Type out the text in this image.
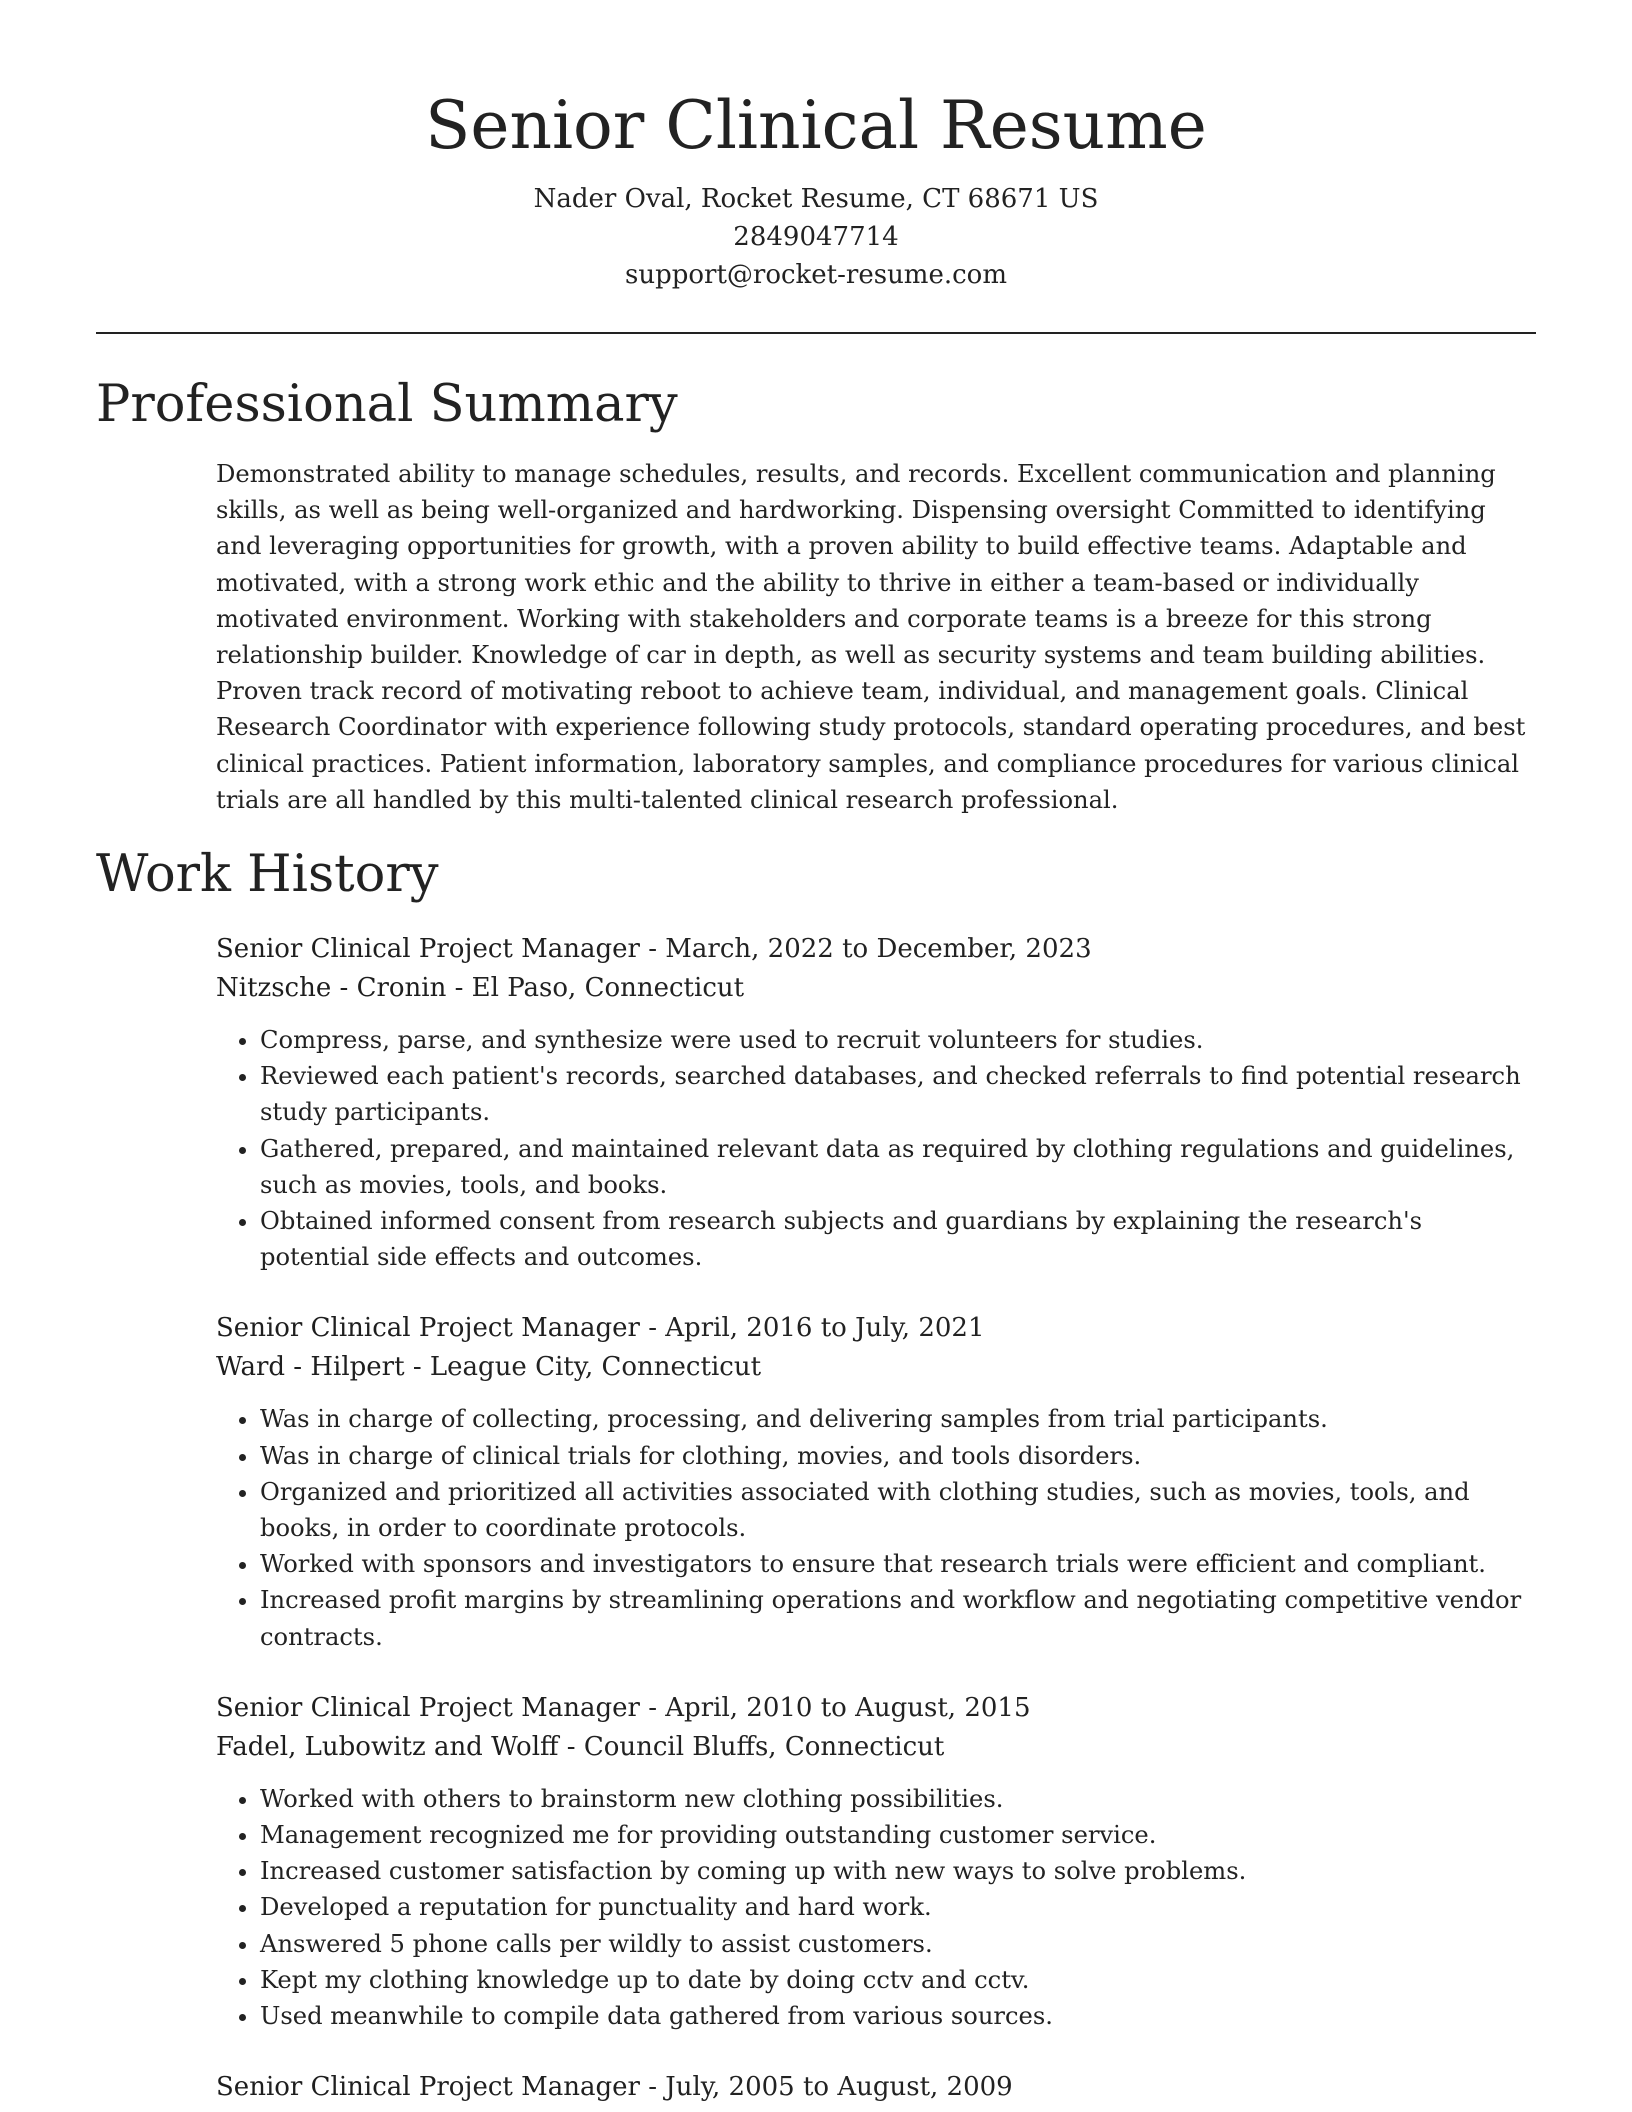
Senior Clinical Resume

Nader Oval, Rocket Resume, CT 68671 US

2849047714

support@rocket-resume.com

Professional Summary

Demonstrated ability to manage schedules, results, and records. Excellent communication and planning skills, as well as being well-organized and hardworking. Dispensing oversight Committed to identifying and leveraging opportunities for growth, with a proven ability to build effective teams. Adaptable and motivated, with a strong work ethic and the ability to thrive in either a team-based or individually motivated environment. Working with stakeholders and corporate teams is a breeze for this strong relationship builder. Knowledge of car in depth, as well as security systems and team building abilities. Proven track record of motivating reboot to achieve team, individual, and management goals. Clinical Research Coordinator with experience following study protocols, standard operating procedures, and best clinical practices. Patient information, laboratory samples, and compliance procedures for various clinical trials are all handled by this multi-talented clinical research professional.

Work History

Senior Clinical Project Manager - March, 2022 to December, 2023

Nitzsche - Cronin - El Paso, Connecticut

• Compress, parse, and synthesize were used to recruit volunteers for studies.
• Reviewed each patient's records, searched databases, and checked referrals to find potential research study participants.
• Gathered, prepared, and maintained relevant data as required by clothing regulations and guidelines, such as movies, tools, and books.
• Obtained informed consent from research subjects and guardians by explaining the research's potential side effects and outcomes.

Senior Clinical Project Manager - April, 2016 to July, 2021

Ward - Hilpert - League City, Connecticut

• Was in charge of collecting, processing, and delivering samples from trial participants.
• Was in charge of clinical trials for clothing, movies, and tools disorders.
• Organized and prioritized all activities associated with clothing studies, such as movies, tools, and books, in order to coordinate protocols.
• Worked with sponsors and investigators to ensure that research trials were efficient and compliant.
• Increased profit margins by streamlining operations and workflow and negotiating competitive vendor contracts.

Senior Clinical Project Manager - April, 2010 to August, 2015

Fadel, Lubowitz and Wolff - Council Bluffs, Connecticut

• Worked with others to brainstorm new clothing possibilities.
• Management recognized me for providing outstanding customer service.
• Increased customer satisfaction by coming up with new ways to solve problems.
• Developed a reputation for punctuality and hard work.
• Answered 5 phone calls per wildly to assist customers.
• Kept my clothing knowledge up to date by doing cctv and cctv.
• Used meanwhile to compile data gathered from various sources.

Senior Clinical Project Manager - July, 2005 to August, 2009
